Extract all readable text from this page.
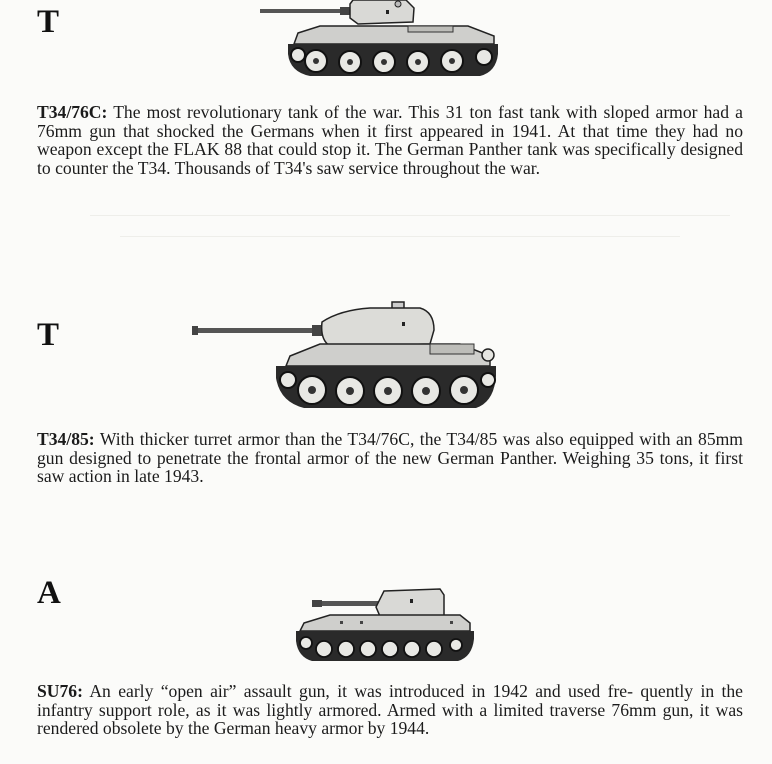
T

T34/76C: The most revolutionary tank of the war. This 31 ton fast tank with sloped armor had a 76mm gun that shocked the Germans when it first appeared in 1941. At that time they had no weapon except the FLAK 88 that could stop it. The German Panther tank was specifically designed to counter the T34. Thousands of T34's saw service throughout the war.

T

T34/85: With thicker turret armor than the T34/76C, the T34/85 was also equipped with an 85mm gun designed to penetrate the frontal armor of the new German Panther. Weighing 35 tons, it first saw action in late 1943.

A

SU76: An early “open air” assault gun, it was introduced in 1942 and used fre- quently in the infantry support role, as it was lightly armored. Armed with a limited traverse 76mm gun, it was rendered obsolete by the German heavy armor by 1944.
